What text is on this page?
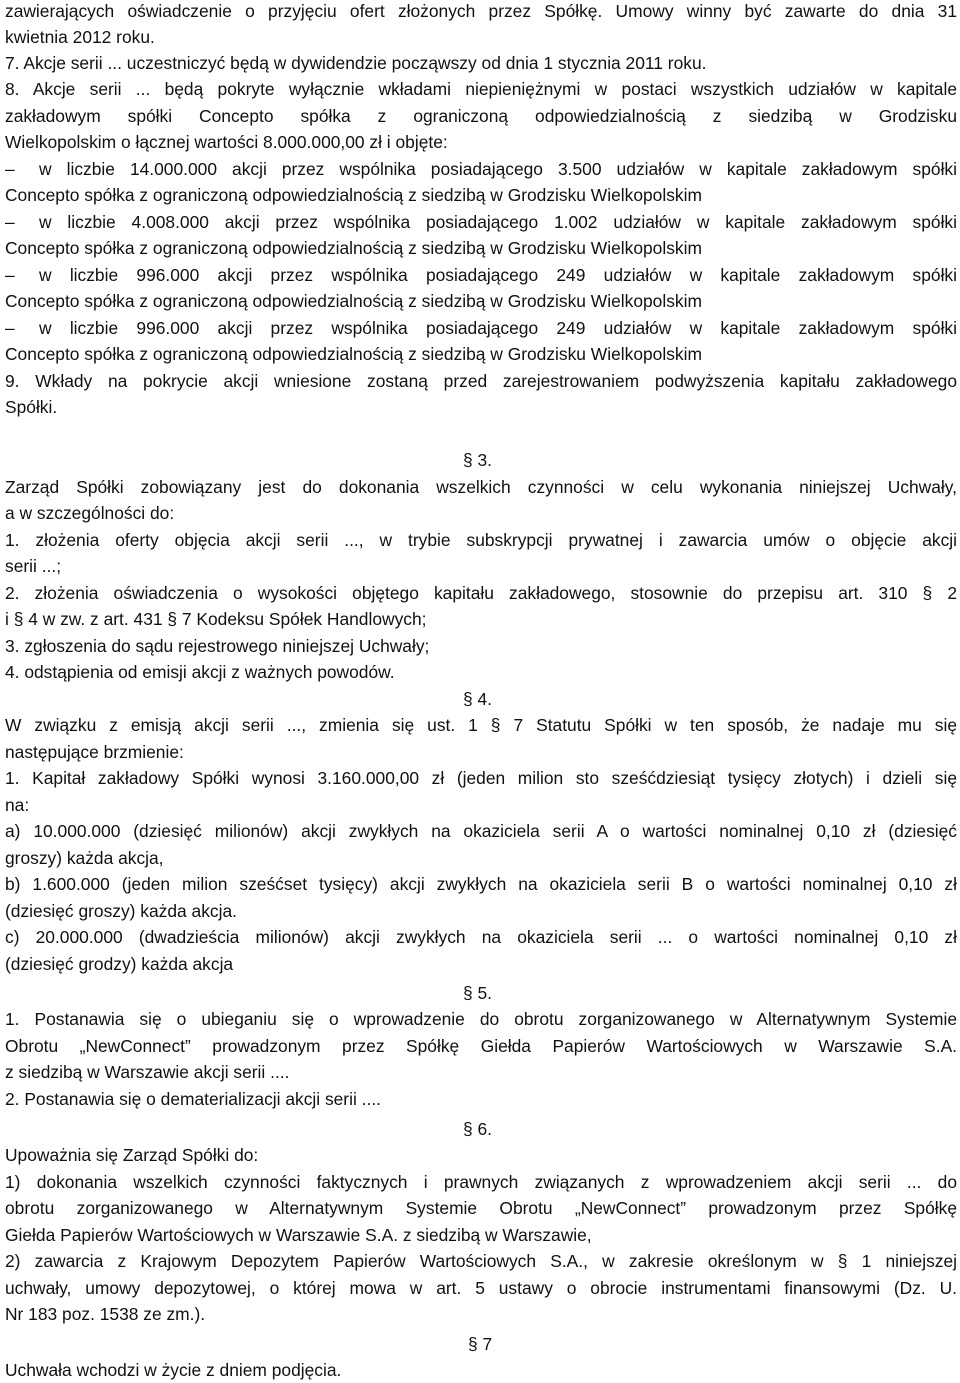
zawierających oświadczenie o przyjęciu ofert złożonych przez Spółkę. Umowy winny być zawarte do dnia 31
kwietnia 2012 roku.
7. Akcje serii ... uczestniczyć będą w dywidendzie począwszy od dnia 1 stycznia 2011 roku.
8. Akcje serii ... będą pokryte wyłącznie wkładami niepieniężnymi w postaci wszystkich udziałów w kapitale
zakładowym spółki Concepto spółka z ograniczoną odpowiedzialnością z siedzibą w Grodzisku
Wielkopolskim o łącznej wartości 8.000.000,00 zł i objęte:
– w liczbie 14.000.000 akcji przez wspólnika posiadającego 3.500 udziałów w kapitale zakładowym spółki
Concepto spółka z ograniczoną odpowiedzialnością z siedzibą w Grodzisku Wielkopolskim
– w liczbie 4.008.000 akcji przez wspólnika posiadającego 1.002 udziałów w kapitale zakładowym spółki
Concepto spółka z ograniczoną odpowiedzialnością z siedzibą w Grodzisku Wielkopolskim
– w liczbie 996.000 akcji przez wspólnika posiadającego 249 udziałów w kapitale zakładowym spółki
Concepto spółka z ograniczoną odpowiedzialnością z siedzibą w Grodzisku Wielkopolskim
– w liczbie 996.000 akcji przez wspólnika posiadającego 249 udziałów w kapitale zakładowym spółki
Concepto spółka z ograniczoną odpowiedzialnością z siedzibą w Grodzisku Wielkopolskim
9. Wkłady na pokrycie akcji wniesione zostaną przed zarejestrowaniem podwyższenia kapitału zakładowego
Spółki.
§ 3.
Zarząd Spółki zobowiązany jest do dokonania wszelkich czynności w celu wykonania niniejszej Uchwały,
a w szczególności do:
1. złożenia oferty objęcia akcji serii ..., w trybie subskrypcji prywatnej i zawarcia umów o objęcie akcji
serii ...;
2. złożenia oświadczenia o wysokości objętego kapitału zakładowego, stosownie do przepisu art. 310 § 2
i § 4 w zw. z art. 431 § 7 Kodeksu Spółek Handlowych;
3. zgłoszenia do sądu rejestrowego niniejszej Uchwały;
4. odstąpienia od emisji akcji z ważnych powodów.
§ 4.
W związku z emisją akcji serii ..., zmienia się ust. 1 § 7 Statutu Spółki w ten sposób, że nadaje mu się
następujące brzmienie:
1. Kapitał zakładowy Spółki wynosi 3.160.000,00 zł (jeden milion sto sześćdziesiąt tysięcy złotych) i dzieli się
na:
a) 10.000.000 (dziesięć milionów) akcji zwykłych na okaziciela serii A o wartości nominalnej 0,10 zł (dziesięć
groszy) każda akcja,
b) 1.600.000 (jeden milion sześćset tysięcy) akcji zwykłych na okaziciela serii B o wartości nominalnej 0,10 zł
(dziesięć groszy) każda akcja.
c) 20.000.000 (dwadzieścia milionów) akcji zwykłych na okaziciela serii ... o wartości nominalnej 0,10 zł
(dziesięć grodzy) każda akcja
§ 5.
1. Postanawia się o ubieganiu się o wprowadzenie do obrotu zorganizowanego w Alternatywnym Systemie
Obrotu „NewConnect” prowadzonym przez Spółkę Giełda Papierów Wartościowych w Warszawie S.A.
z siedzibą w Warszawie akcji serii ....
2. Postanawia się o dematerializacji akcji serii ....
§ 6.
Upoważnia się Zarząd Spółki do:
1) dokonania wszelkich czynności faktycznych i prawnych związanych z wprowadzeniem akcji serii ... do
obrotu zorganizowanego w Alternatywnym Systemie Obrotu „NewConnect” prowadzonym przez Spółkę
Giełda Papierów Wartościowych w Warszawie S.A. z siedzibą w Warszawie,
2) zawarcia z Krajowym Depozytem Papierów Wartościowych S.A., w zakresie określonym w § 1 niniejszej
uchwały, umowy depozytowej, o której mowa w art. 5 ustawy o obrocie instrumentami finansowymi (Dz. U.
Nr 183 poz. 1538 ze zm.).
§ 7
Uchwała wchodzi w życie z dniem podjęcia.
